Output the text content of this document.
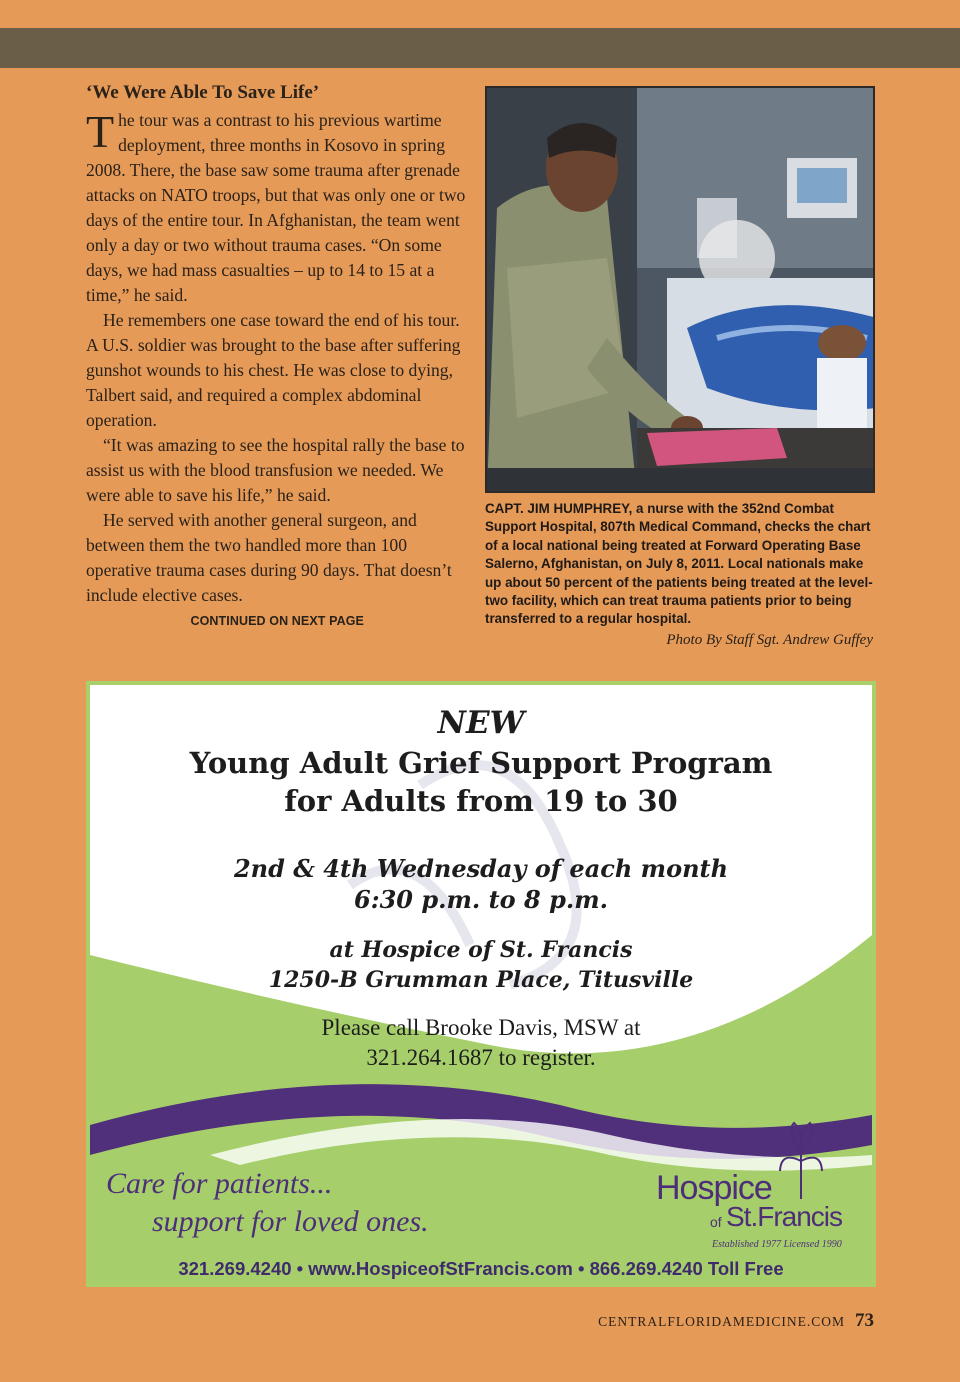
‘We Were Able To Save Life’

The tour was a contrast to his previous wartime deployment, three months in Kosovo in spring 2008. There, the base saw some trauma after grenade attacks on NATO troops, but that was only one or two days of the entire tour. In Afghanistan, the team went only a day or two without trauma cases. “On some days, we had mass casualties – up to 14 to 15 at a time,” he said.

He remembers one case toward the end of his tour. A U.S. soldier was brought to the base after suffering gunshot wounds to his chest. He was close to dying, Talbert said, and required a complex abdominal operation.

“It was amazing to see the hospital rally the base to assist us with the blood transfusion we needed. We were able to save his life,” he said.

He served with another general surgeon, and between them the two handled more than 100 operative trauma cases during 90 days. That doesn’t include elective cases.

CONTINUED ON NEXT PAGE
CAPT. JIM HUMPHREY, a nurse with the 352nd Combat Support Hospital, 807th Medical Command, checks the chart of a local national being treated at Forward Operating Base Salerno, Afghanistan, on July 8, 2011. Local nationals make up about 50 percent of the patients being treated at the level-two facility, which can treat trauma patients prior to being transferred to a regular hospital.
Photo By Staff Sgt. Andrew Guffey
NEW
Young Adult Grief Support Program
for Adults from 19 to 30
2nd & 4th Wednesday of each month
6:30 p.m. to 8 p.m.
at Hospice of St. Francis
1250-B Grumman Place, Titusville
Please call Brooke Davis, MSW at
321.264.1687 to register.
Care for patients...
support for loved ones.
Hospice
of St.Francis
Established 1977 Licensed 1990
321.269.4240 • www.HospiceofStFrancis.com • 866.269.4240 Toll Free
CENTRALFLORIDAMEDICINE.COM 73
